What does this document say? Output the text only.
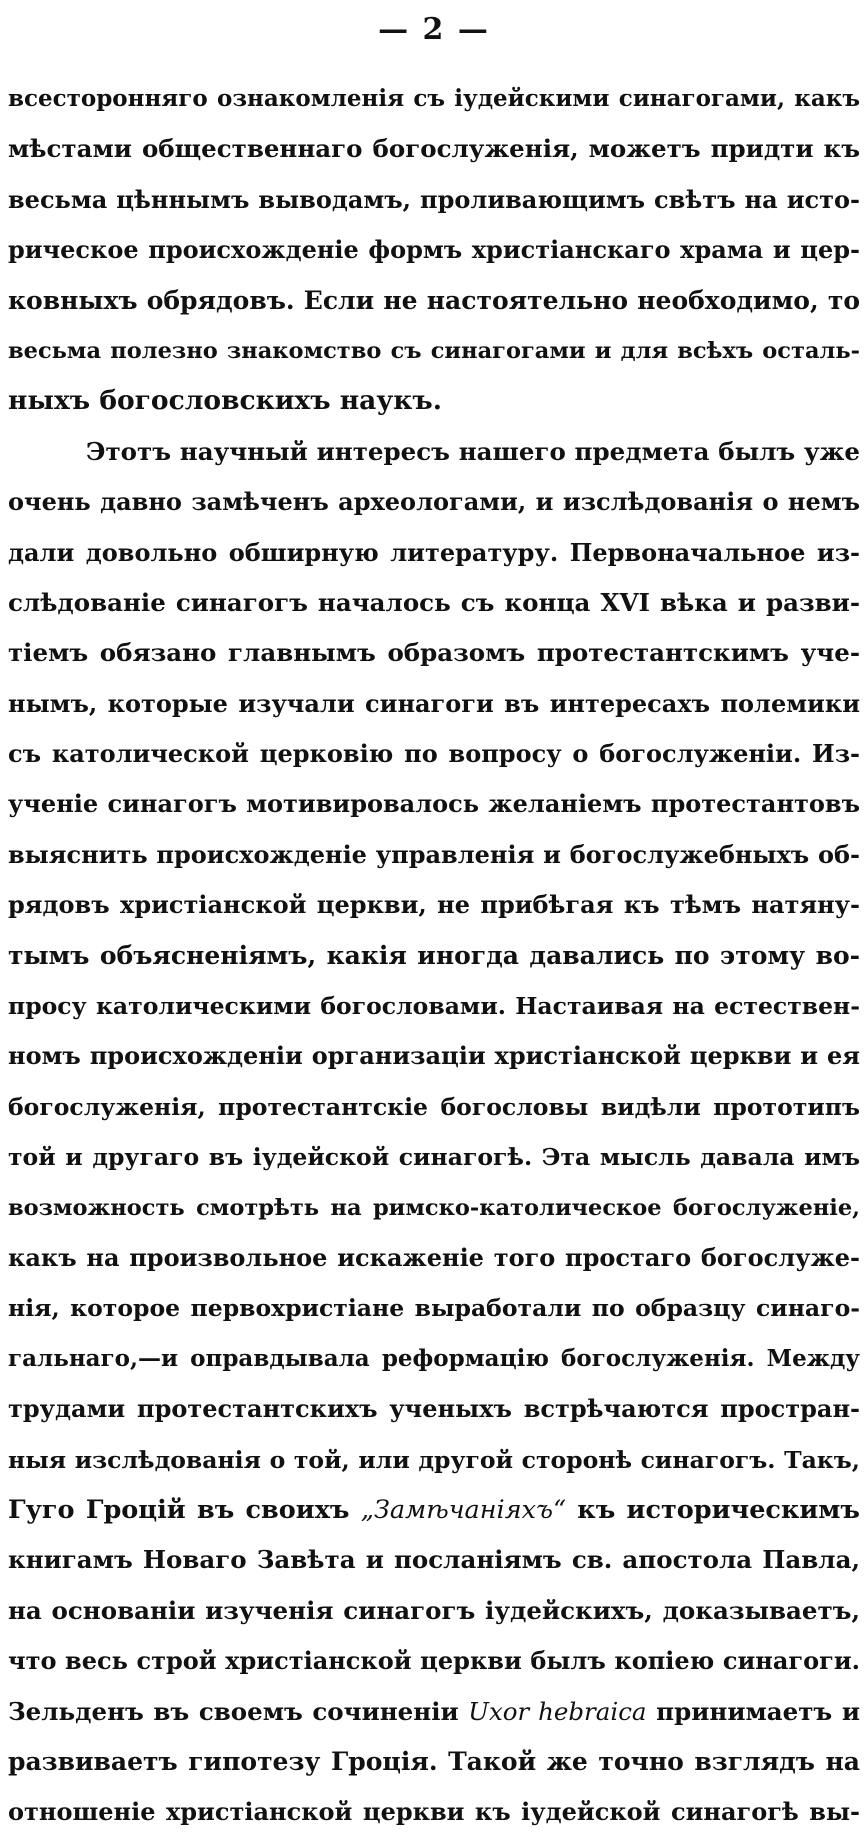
— 2 —
всесторонняго ознакомленія съ іудейскими синагогами, какъ
мѣстами общественнаго богослуженія, можетъ придти къ
весьма цѣннымъ выводамъ, проливающимъ свѣтъ на исто-
рическое происхожденіе формъ христіанскаго храма и цер-
ковныхъ обрядовъ. Если не настоятельно необходимо, то
весьма полезно знакомство съ синагогами и для всѣхъ осталь-
ныхъ богословскихъ наукъ.
Этотъ научный интересъ нашего предмета былъ уже
очень давно замѣченъ археологами, и изслѣдованія о немъ
дали довольно обширную литературу. Первоначальное из-
слѣдованіе синагогъ началось съ конца XVI вѣка и разви-
тіемъ обязано главнымъ образомъ протестантскимъ уче-
нымъ, которые изучали синагоги въ интересахъ полемики
съ католической церковію по вопросу о богослуженіи. Из-
ученіе синагогъ мотивировалось желаніемъ протестантовъ
выяснить происхожденіе управленія и богослужебныхъ об-
рядовъ христіанской церкви, не прибѣгая къ тѣмъ натяну-
тымъ объясненіямъ, какія иногда давались по этому во-
просу католическими богословами. Настаивая на естествен-
номъ происхожденіи организаціи христіанской церкви и ея
богослуженія, протестантскіе богословы видѣли прототипъ
той и другаго въ іудейской синагогѣ. Эта мысль давала имъ
возможность смотрѣть на римско-католическое богослуженіе,
какъ на произвольное искаженіе того простаго богослуже-
нія, которое первохристіане выработали по образцу синаго-
гальнаго,—и оправдывала реформацію богослуженія. Между
трудами протестантскихъ ученыхъ встрѣчаются простран-
ныя изслѣдованія о той, или другой сторонѣ синагогъ. Такъ,
Гуго Гроцій въ своихъ „Замѣчаніяхъ“ къ историческимъ
книгамъ Новаго Завѣта и посланіямъ св. апостола Павла,
на основаніи изученія синагогъ іудейскихъ, доказываетъ,
что весь строй христіанской церкви былъ копіею синагоги.
Зельденъ въ своемъ сочиненіи Uxor hebraica принимаетъ и
развиваетъ гипотезу Гроція. Такой же точно взглядъ на
отношеніе христіанской церкви къ іудейской синагогѣ вы-
